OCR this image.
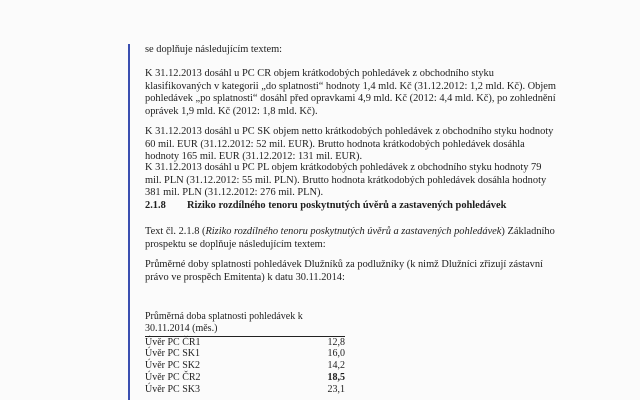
se doplňuje následujícím textem:

K 31.12.2013 dosáhl u PC CR objem krátkodobých pohledávek z obchodního styku

klasifikovaných v kategorii „do splatnosti“ hodnoty 1,4 mld. Kč (31.12.2012: 1,2 mld. Kč). Objem

pohledávek „po splatnosti“ dosáhl před opravkami 4,9 mld. Kč (2012: 4,4 mld. Kč), po zohlednění

oprávek 1,9 mld. Kč (2012: 1,8 mld. Kč).

K 31.12.2013 dosáhl u PC SK objem netto krátkodobých pohledávek z obchodního styku hodnoty

60 mil. EUR (31.12.2012: 52 mil. EUR). Brutto hodnota krátkodobých pohledávek dosáhla

hodnoty 165 mil. EUR (31.12.2012: 131 mil. EUR).

K 31.12.2013 dosáhl u PC PL objem krátkodobých pohledávek z obchodního styku hodnoty 79

mil. PLN (31.12.2012: 55 mil. PLN). Brutto hodnota krátkodobých pohledávek dosáhla hodnoty

381 mil. PLN (31.12.2012: 276 mil. PLN).

2.1.8 Riziko rozdílného tenoru poskytnutých úvěrů a zastavených pohledávek

Text čl. 2.1.8 (Riziko rozdílného tenoru poskytnutých úvěrů a zastavených pohledávek) Základního

prospektu se doplňuje následujícím textem:

Průměrné doby splatnosti pohledávek Dlužníků za podlužníky (k nimž Dlužníci zřizují zástavní

právo ve prospěch Emitenta) k datu 30.11.2014:

Průměrná doba splatnosti pohledávek k 30.11.2014 (měs.)
Úvěr PC ČR1	12,8
Úvěr PC SK1	16,0
Úvěr PC SK2	14,2
Úvěr PC ČR2	18,5
Úvěr PC SK3	23,1
